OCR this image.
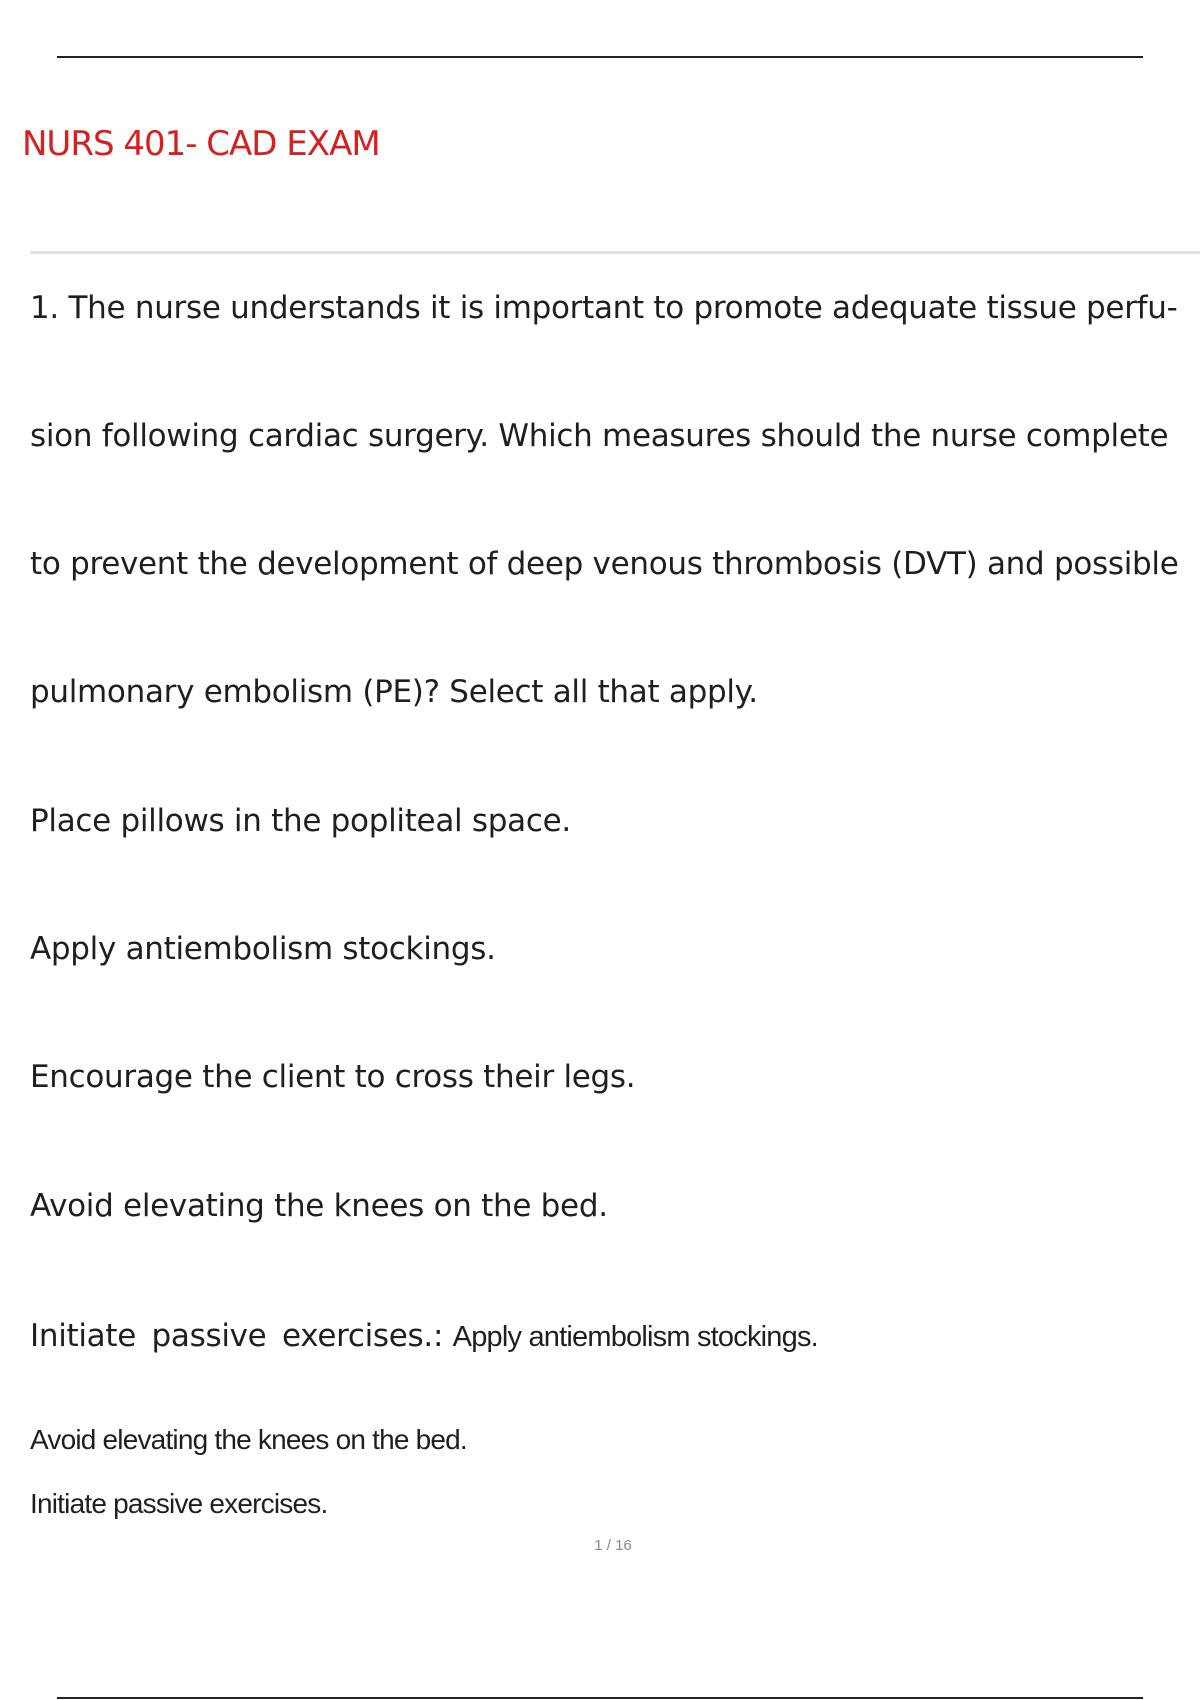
NURS 401- CAD EXAM
1. The nurse understands it is important to promote adequate tissue perfu-
sion following cardiac surgery. Which measures should the nurse complete
to prevent the development of deep venous thrombosis (DVT) and possible
pulmonary embolism (PE)? Select all that apply.
Place pillows in the popliteal space.
Apply antiembolism stockings.
Encourage the client to cross their legs.
Avoid elevating the knees on the bed.
Initiate passive exercises.: Apply antiembolism stockings.
Avoid elevating the knees on the bed.
Initiate passive exercises.
1 / 16
